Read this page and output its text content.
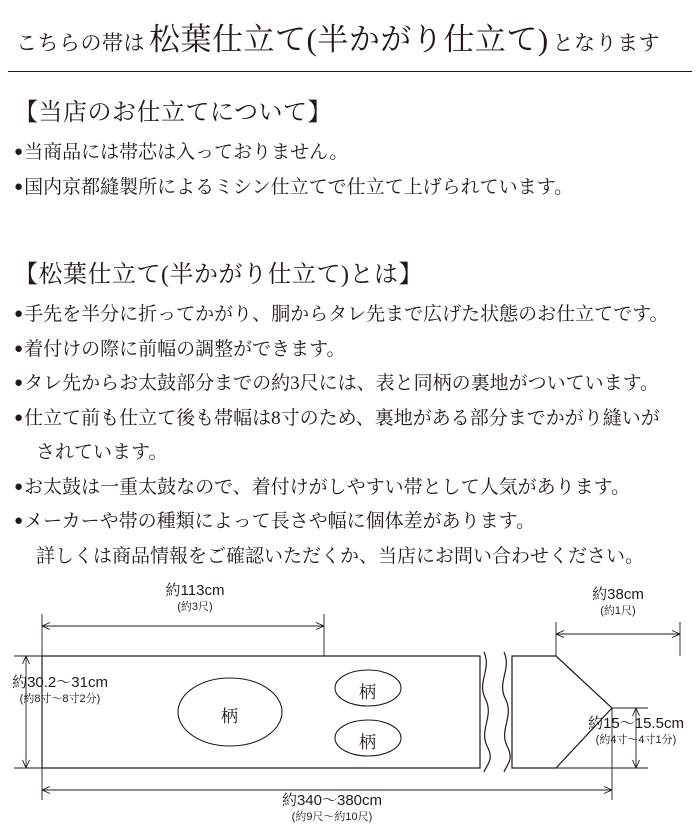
こちらの帯は 松葉仕立て(半かがり仕立て) となります
【当店のお仕立てについて】
● 当商品には帯芯は入っておりません。
● 国内京都縫製所によるミシン仕立てで仕立て上げられています。
【松葉仕立て(半かがり仕立て)とは】
● 手先を半分に折ってかがり、胴からタレ先まで広げた状態のお仕立てです。
● 着付けの際に前幅の調整ができます。
● タレ先からお太鼓部分までの約3尺には、表と同柄の裏地がついています。
● 仕立て前も仕立て後も帯幅は8寸のため、裏地がある部分までかがり縫いが
されています。
● お太鼓は一重太鼓なので、着付けがしやすい帯として人気があります。
● メーカーや帯の種類によって長さや幅に個体差があります。
詳しくは商品情報をご確認いただくか、当店にお問い合わせください。
約113cm
(約3尺)
約30.2〜31cm
(約8寸〜8寸2分)
約38cm
(約1尺)
約15〜15.5cm
(約4寸〜4寸1分)
約340〜380cm
(約9尺〜約10尺)
柄
柄
柄
